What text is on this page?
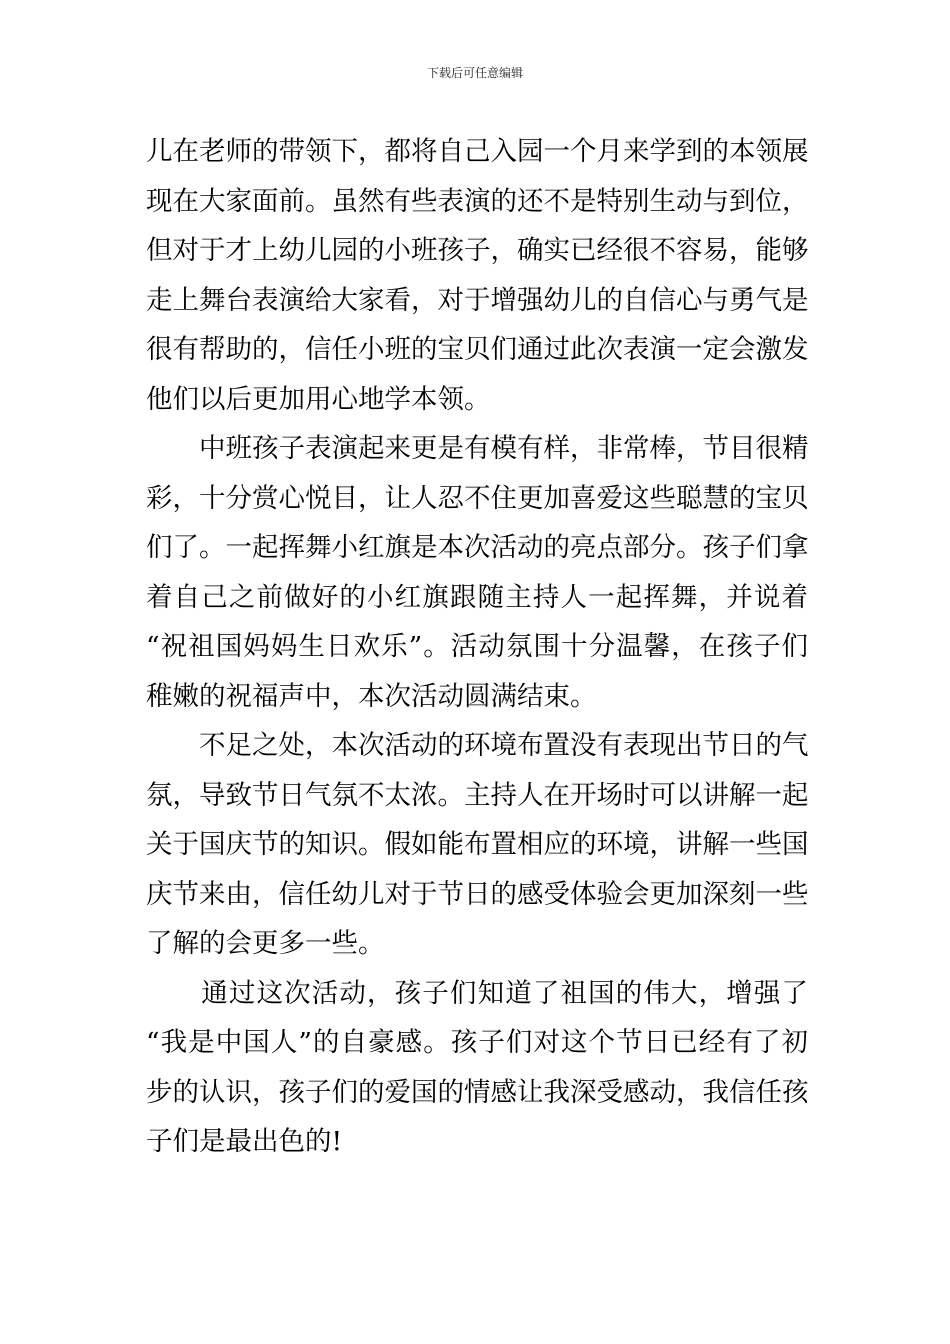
下载后可任意编辑
儿在老师的带领下，都将自己入园一个月来学到的本领展
现在大家面前。虽然有些表演的还不是特别生动与到位，
但对于才上幼儿园的小班孩子，确实已经很不容易，能够
走上舞台表演给大家看，对于增强幼儿的自信心与勇气是
很有帮助的，信任小班的宝贝们通过此次表演一定会激发
他们以后更加用心地学本领。
　　中班孩子表演起来更是有模有样，非常棒，节目很精
彩，十分赏心悦目，让人忍不住更加喜爱这些聪慧的宝贝
们了。一起挥舞小红旗是本次活动的亮点部分。孩子们拿
着自己之前做好的小红旗跟随主持人一起挥舞，并说着
“祝祖国妈妈生日欢乐”。活动氛围十分温馨，在孩子们
稚嫩的祝福声中，本次活动圆满结束。
　　不足之处，本次活动的环境布置没有表现出节日的气
氛，导致节日气氛不太浓。主持人在开场时可以讲解一起
关于国庆节的知识。假如能布置相应的环境，讲解一些国
庆节来由，信任幼儿对于节日的感受体验会更加深刻一些
了解的会更多一些。
　　通过这次活动，孩子们知道了祖国的伟大，增强了
“我是中国人”的自豪感。孩子们对这个节日已经有了初
步的认识，孩子们的爱国的情感让我深受感动，我信任孩
子们是最出色的!
